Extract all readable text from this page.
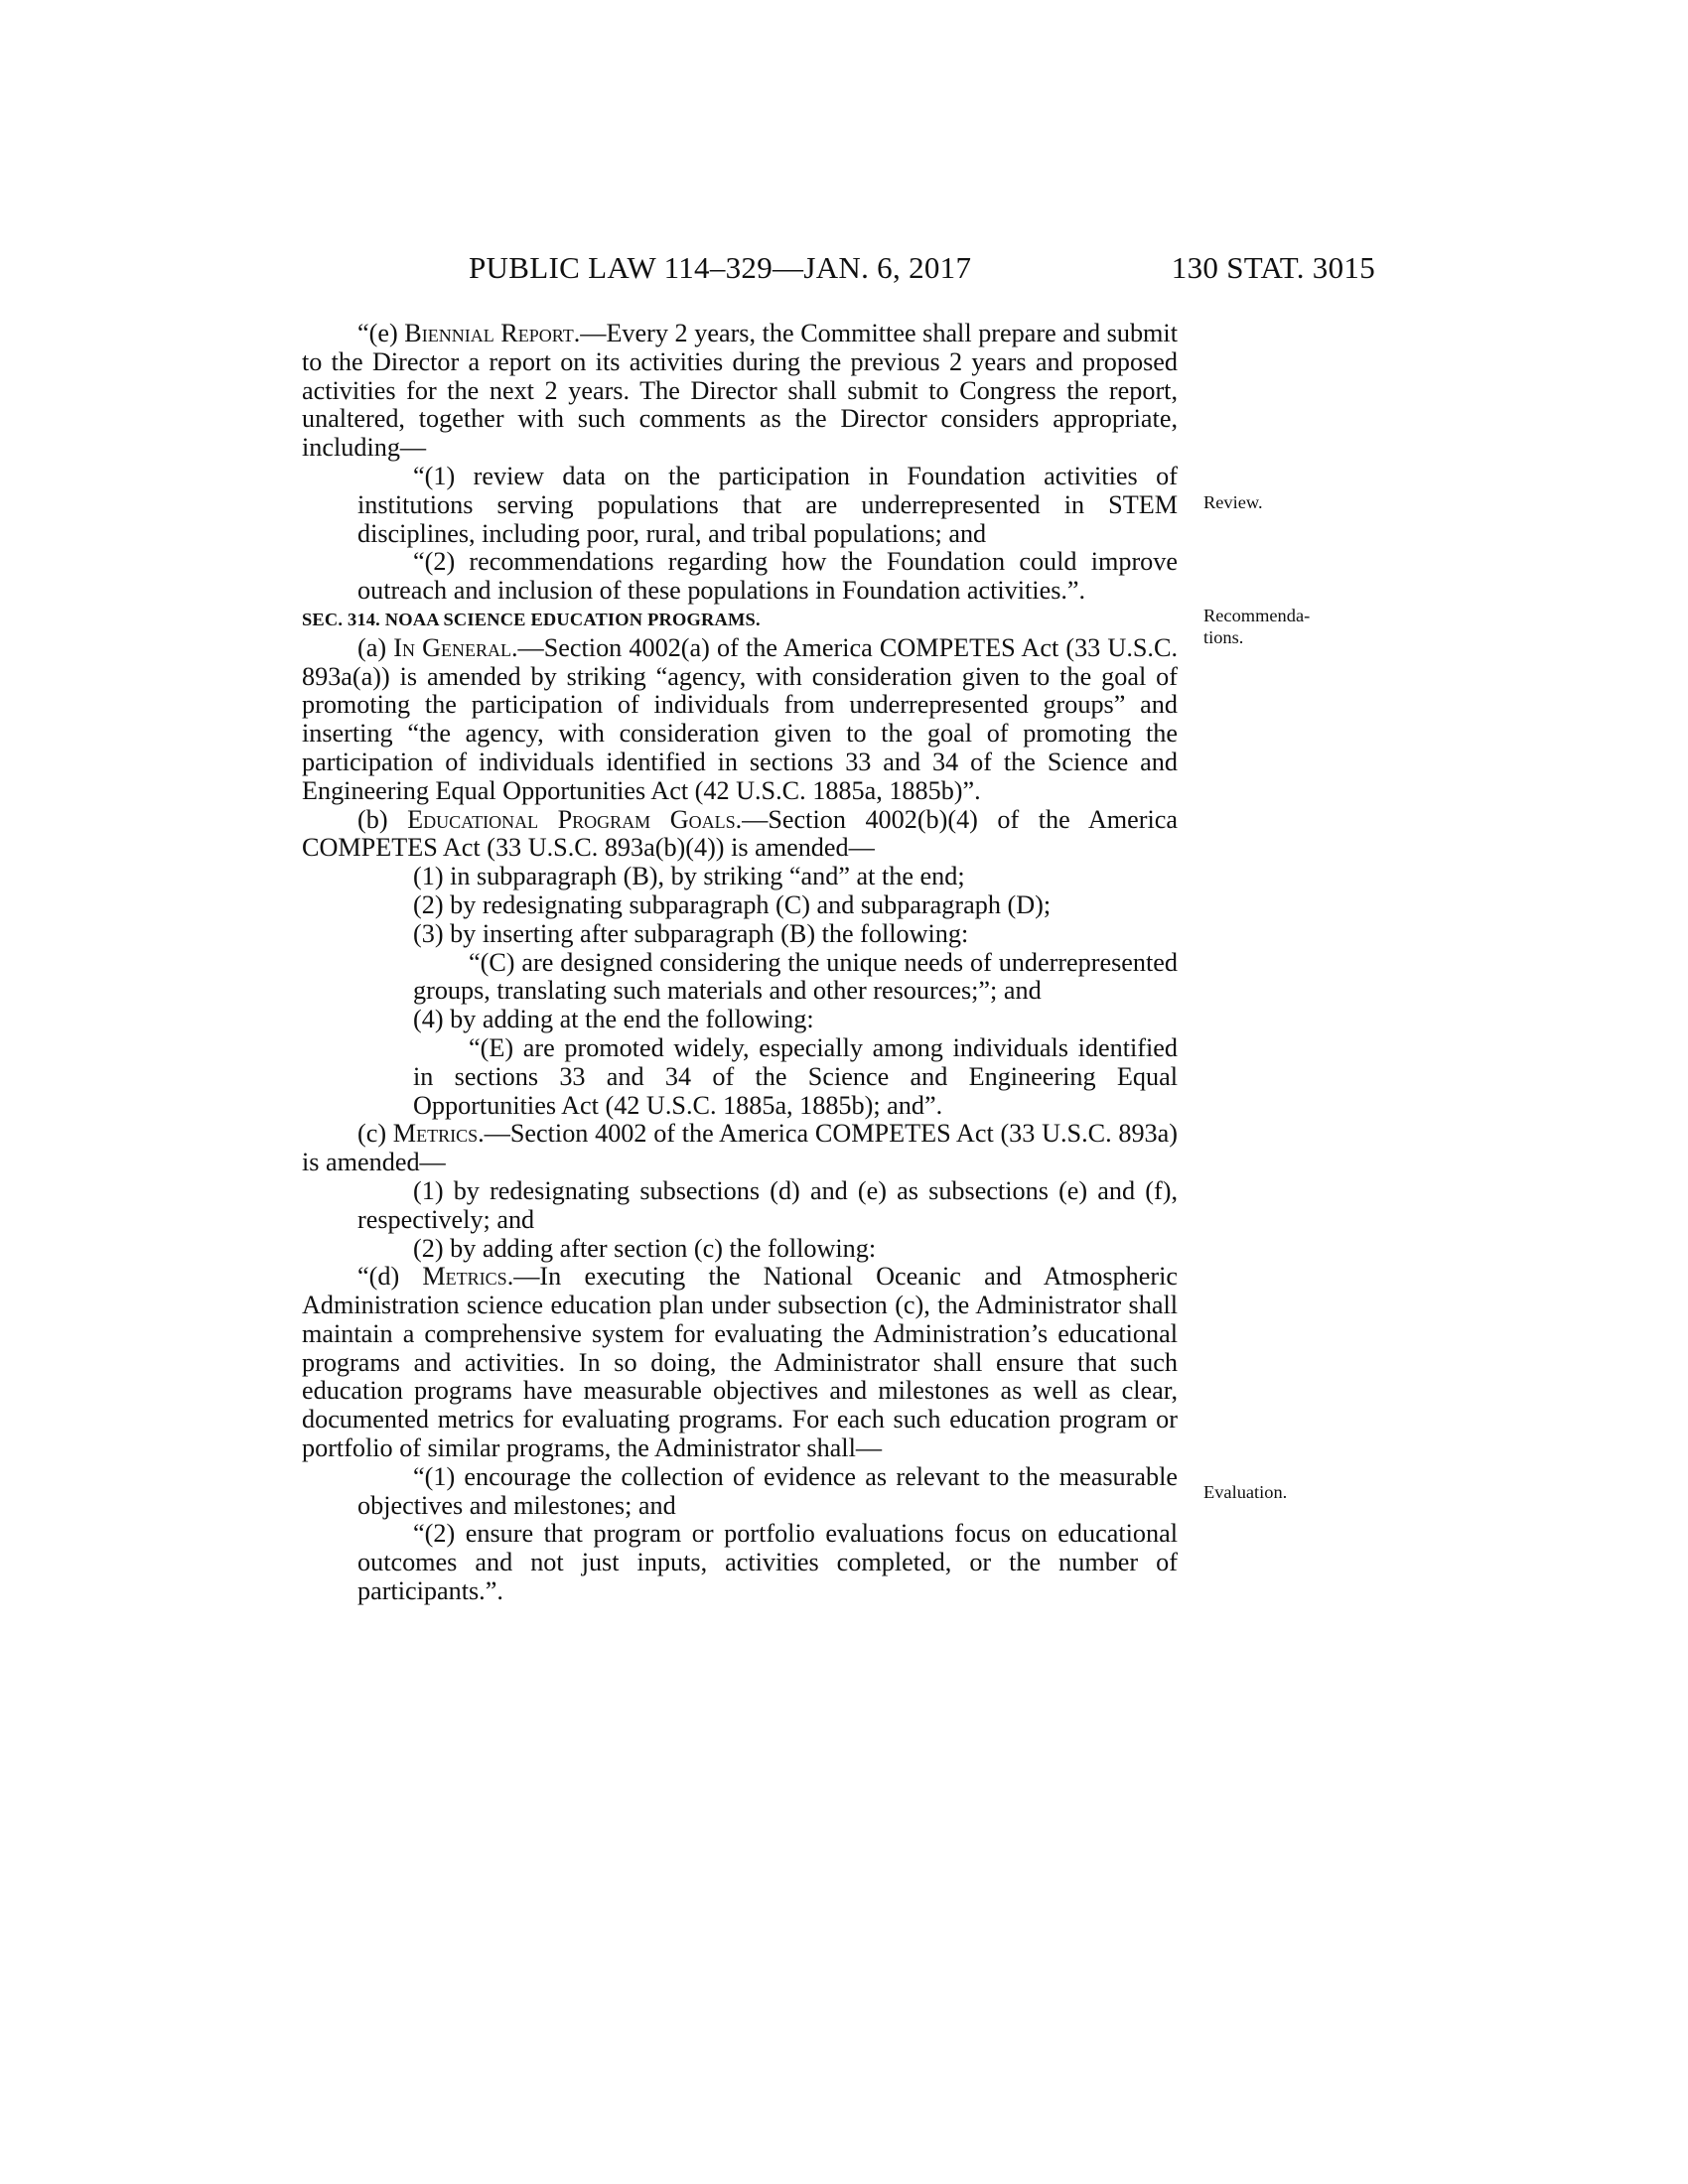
PUBLIC LAW 114–329—JAN. 6, 2017	130 STAT. 3015

“(e) Biennial Report.—Every 2 years, the Committee shall prepare and submit to the Director a report on its activities during the previous 2 years and proposed activities for the next 2 years. The Director shall submit to Congress the report, unaltered, together with such comments as the Director considers appropriate, including—

“(1) review data on the participation in Foundation activities of institutions serving populations that are underrepresented in STEM disciplines, including poor, rural, and tribal populations; and

“(2) recommendations regarding how the Foundation could improve outreach and inclusion of these populations in Foundation activities.”.

SEC. 314. NOAA SCIENCE EDUCATION PROGRAMS.

(a) In General.—Section 4002(a) of the America COMPETES Act (33 U.S.C. 893a(a)) is amended by striking “agency, with consideration given to the goal of promoting the participation of individuals from underrepresented groups” and inserting “the agency, with consideration given to the goal of promoting the participation of individuals identified in sections 33 and 34 of the Science and Engineering Equal Opportunities Act (42 U.S.C. 1885a, 1885b)”.

(b) Educational Program Goals.—Section 4002(b)(4) of the America COMPETES Act (33 U.S.C. 893a(b)(4)) is amended—

(1) in subparagraph (B), by striking “and” at the end;

(2) by redesignating subparagraph (C) and subparagraph (D);

(3) by inserting after subparagraph (B) the following:

“(C) are designed considering the unique needs of underrepresented groups, translating such materials and other resources;”; and

(4) by adding at the end the following:

“(E) are promoted widely, especially among individuals identified in sections 33 and 34 of the Science and Engineering Equal Opportunities Act (42 U.S.C. 1885a, 1885b); and”.

(c) Metrics.—Section 4002 of the America COMPETES Act (33 U.S.C. 893a) is amended—

(1) by redesignating subsections (d) and (e) as subsections (e) and (f), respectively; and

(2) by adding after section (c) the following:

“(d) Metrics.—In executing the National Oceanic and Atmospheric Administration science education plan under subsection (c), the Administrator shall maintain a comprehensive system for evaluating the Administration’s educational programs and activities. In so doing, the Administrator shall ensure that such education programs have measurable objectives and milestones as well as clear, documented metrics for evaluating programs. For each such education program or portfolio of similar programs, the Administrator shall—

“(1) encourage the collection of evidence as relevant to the measurable objectives and milestones; and

“(2) ensure that program or portfolio evaluations focus on educational outcomes and not just inputs, activities completed, or the number of participants.”.

Review.
Recommenda-
tions.
Evaluation.
